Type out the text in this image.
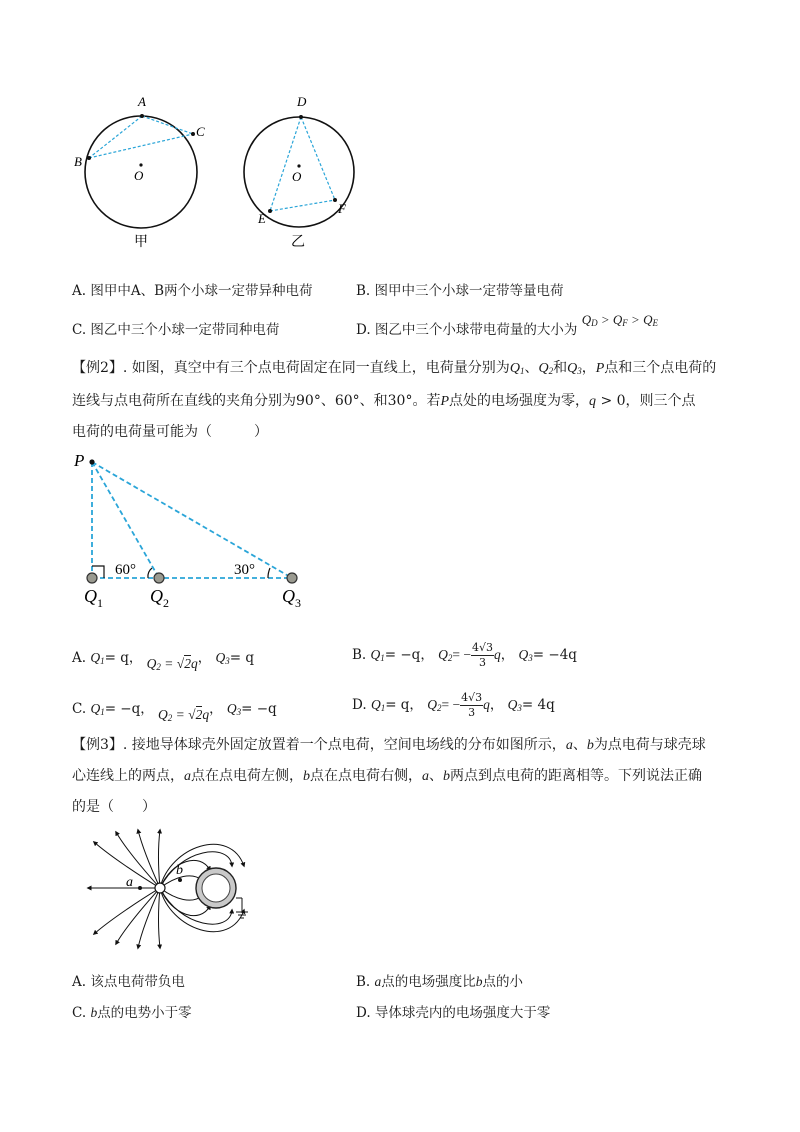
A
B
C
O
甲
D
E
F
O
乙
A. 图甲中A、B两个小球一定带异种电荷	B. 图甲中三个小球一定带等量电荷
C. 图乙中三个小球一定带同种电荷	D. 图乙中三个小球带电荷量的大小为 $Q_D > Q_F > Q_E$
【例2】. 如图，真空中有三个点电荷固定在同一直线上，电荷量分别为$Q_1$、$Q_2$和$Q_3$，P点和三个点电荷的
连线与点电荷所在直线的夹角分别为90°、60°、和30°。若P点处的电场强度为零，q > 0，则三个点
电荷的电荷量可能为（　　　）
P
60°	30°
$Q_1$	$Q_2$	$Q_3$
A. $Q_1= q$， $Q_2 = √2q$， $Q_3= q$	B. $Q_1= -q$， $Q_2= - \frac{4√3}{3}$ q， $Q_3= -4q$
C. $Q_1= -q$， $Q_2 = √2q$， $Q_3= -q$	D. $Q_1= q$， $Q_2= - \frac{4√3}{3}$ q， $Q_3= 4q$
【例3】. 接地导体球壳外固定放置着一个点电荷，空间电场线的分布如图所示，a、b为点电荷与球壳球
心连线上的两点，a点在点电荷左侧，b点在点电荷右侧，a、b两点到点电荷的距离相等。下列说法正确
的是（　　）
a
b
A. 该点电荷带负电	B. a点的电场强度比b点的小
C. b点的电势小于零	D. 导体球壳内的电场强度大于零
